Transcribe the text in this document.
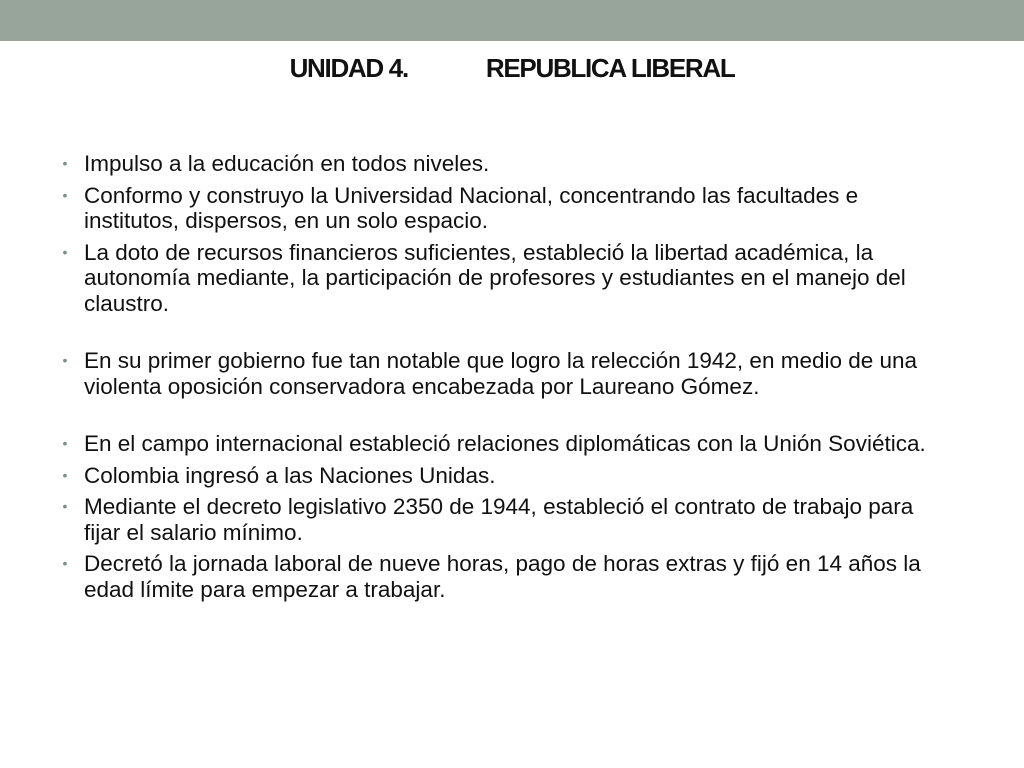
UNIDAD 4.	REPUBLICA LIBERAL
• Impulso a la educación en todos niveles.
• Conformo y construyo la Universidad Nacional, concentrando las facultades e institutos, dispersos, en un solo espacio.
• La doto de recursos financieros suficientes, estableció la libertad académica, la autonomía mediante, la participación de profesores y estudiantes en el manejo del claustro.
• En su primer gobierno fue tan notable que logro la relección 1942, en medio de una violenta oposición conservadora encabezada por Laureano Gómez.
• En el campo internacional estableció relaciones diplomáticas con la Unión Soviética.
• Colombia ingresó a las Naciones Unidas.
• Mediante el decreto legislativo 2350 de 1944, estableció el contrato de trabajo para fijar el salario mínimo.
• Decretó la jornada laboral de nueve horas, pago de horas extras y fijó en 14 años la edad límite para empezar a trabajar.
